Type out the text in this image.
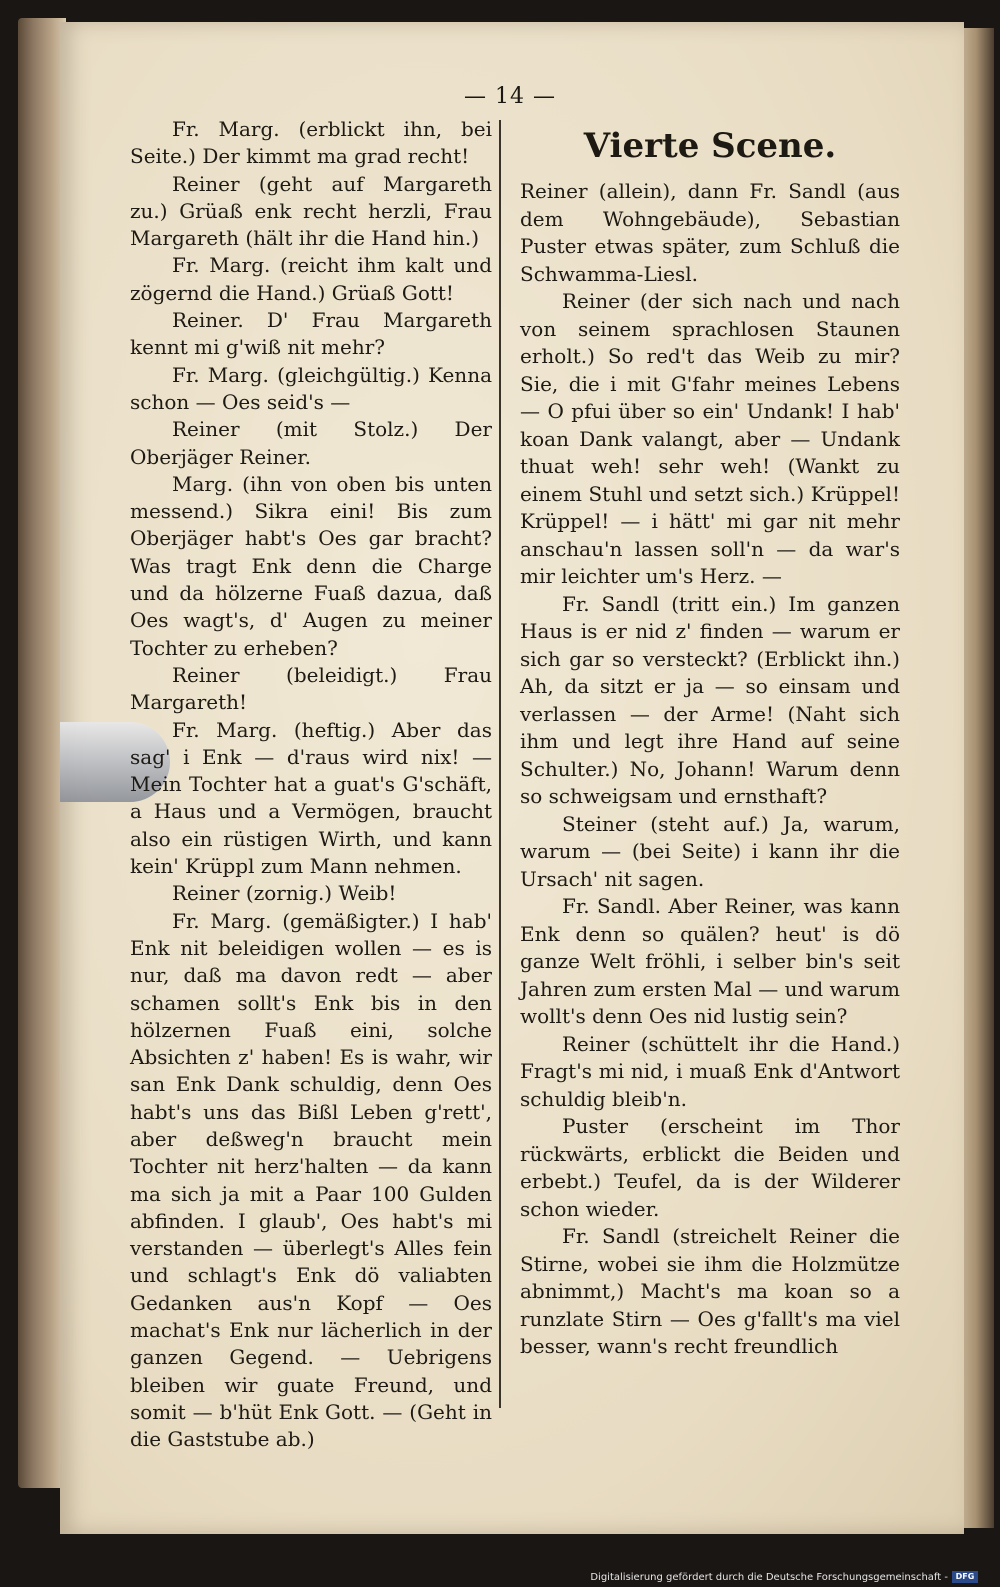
— 14 —

Fr. Marg. (erblickt ihn, bei Seite.) Der kimmt ma grad recht!

Reiner (geht auf Margareth zu.) Grüaß enk recht herzli, Frau Margareth (hält ihr die Hand hin.)

Fr. Marg. (reicht ihm kalt und zögernd die Hand.) Grüaß Gott!

Reiner. D' Frau Margareth kennt mi g'wiß nit mehr?

Fr. Marg. (gleichgültig.) Kenna schon — Oes seid's —

Reiner (mit Stolz.) Der Oberjäger Reiner.

Marg. (ihn von oben bis unten messend.) Sikra eini! Bis zum Oberjäger habt's Oes gar bracht? Was tragt Enk denn die Charge und da hölzerne Fuaß dazua, daß Oes wagt's, d' Augen zu meiner Tochter zu erheben?

Reiner (beleidigt.) Frau Margareth!

Fr. Marg. (heftig.) Aber das sag' i Enk — d'raus wird nix! — Mein Tochter hat a guat's G'schäft, a Haus und a Vermögen, braucht also ein rüstigen Wirth, und kann kein' Krüppl zum Mann nehmen.

Reiner (zornig.) Weib!

Fr. Marg. (gemäßigter.) I hab' Enk nit beleidigen wollen — es is nur, daß ma davon redt — aber schamen sollt's Enk bis in den hölzernen Fuaß eini, solche Absichten z' haben! Es is wahr, wir san Enk Dank schuldig, denn Oes habt's uns das Bißl Leben g'rett', aber deßweg'n braucht mein Tochter nit herz'halten — da kann ma sich ja mit a Paar 100 Gulden abfinden. I glaub', Oes habt's mi verstanden — überlegt's Alles fein und schlagt's Enk dö valiabten Gedanken aus'n Kopf — Oes machat's Enk nur lächerlich in der ganzen Gegend. — Uebrigens bleiben wir guate Freund, und somit — b'hüt Enk Gott. — (Geht in die Gaststube ab.)

Vierte Scene.

Reiner (allein), dann Fr. Sandl (aus dem Wohngebäude), Sebastian Puster etwas später, zum Schluß die Schwamma-Liesl.

Reiner (der sich nach und nach von seinem sprachlosen Staunen erholt.) So red't das Weib zu mir? Sie, die i mit G'fahr meines Lebens — O pfui über so ein' Undank! I hab' koan Dank valangt, aber — Undank thuat weh! sehr weh! (Wankt zu einem Stuhl und setzt sich.) Krüppel! Krüppel! — i hätt' mi gar nit mehr anschau'n lassen soll'n — da war's mir leichter um's Herz. —

Fr. Sandl (tritt ein.) Im ganzen Haus is er nid z' finden — warum er sich gar so versteckt? (Erblickt ihn.) Ah, da sitzt er ja — so einsam und verlassen — der Arme! (Naht sich ihm und legt ihre Hand auf seine Schulter.) No, Johann! Warum denn so schweigsam und ernsthaft?

Steiner (steht auf.) Ja, warum, warum — (bei Seite) i kann ihr die Ursach' nit sagen.

Fr. Sandl. Aber Reiner, was kann Enk denn so quälen? heut' is dö ganze Welt fröhli, i selber bin's seit Jahren zum ersten Mal — und warum wollt's denn Oes nid lustig sein?

Reiner (schüttelt ihr die Hand.) Fragt's mi nid, i muaß Enk d'Antwort schuldig bleib'n.

Puster (erscheint im Thor rückwärts, erblickt die Beiden und erbebt.) Teufel, da is der Wilderer schon wieder.

Fr. Sandl (streichelt Reiner die Stirne, wobei sie ihm die Holzmütze abnimmt,) Macht's ma koan so a runzlate Stirn — Oes g'fallt's ma viel besser, wann's recht freundlich

Digitalisierung gefördert durch die Deutsche Forschungsgemeinschaft - DFG
